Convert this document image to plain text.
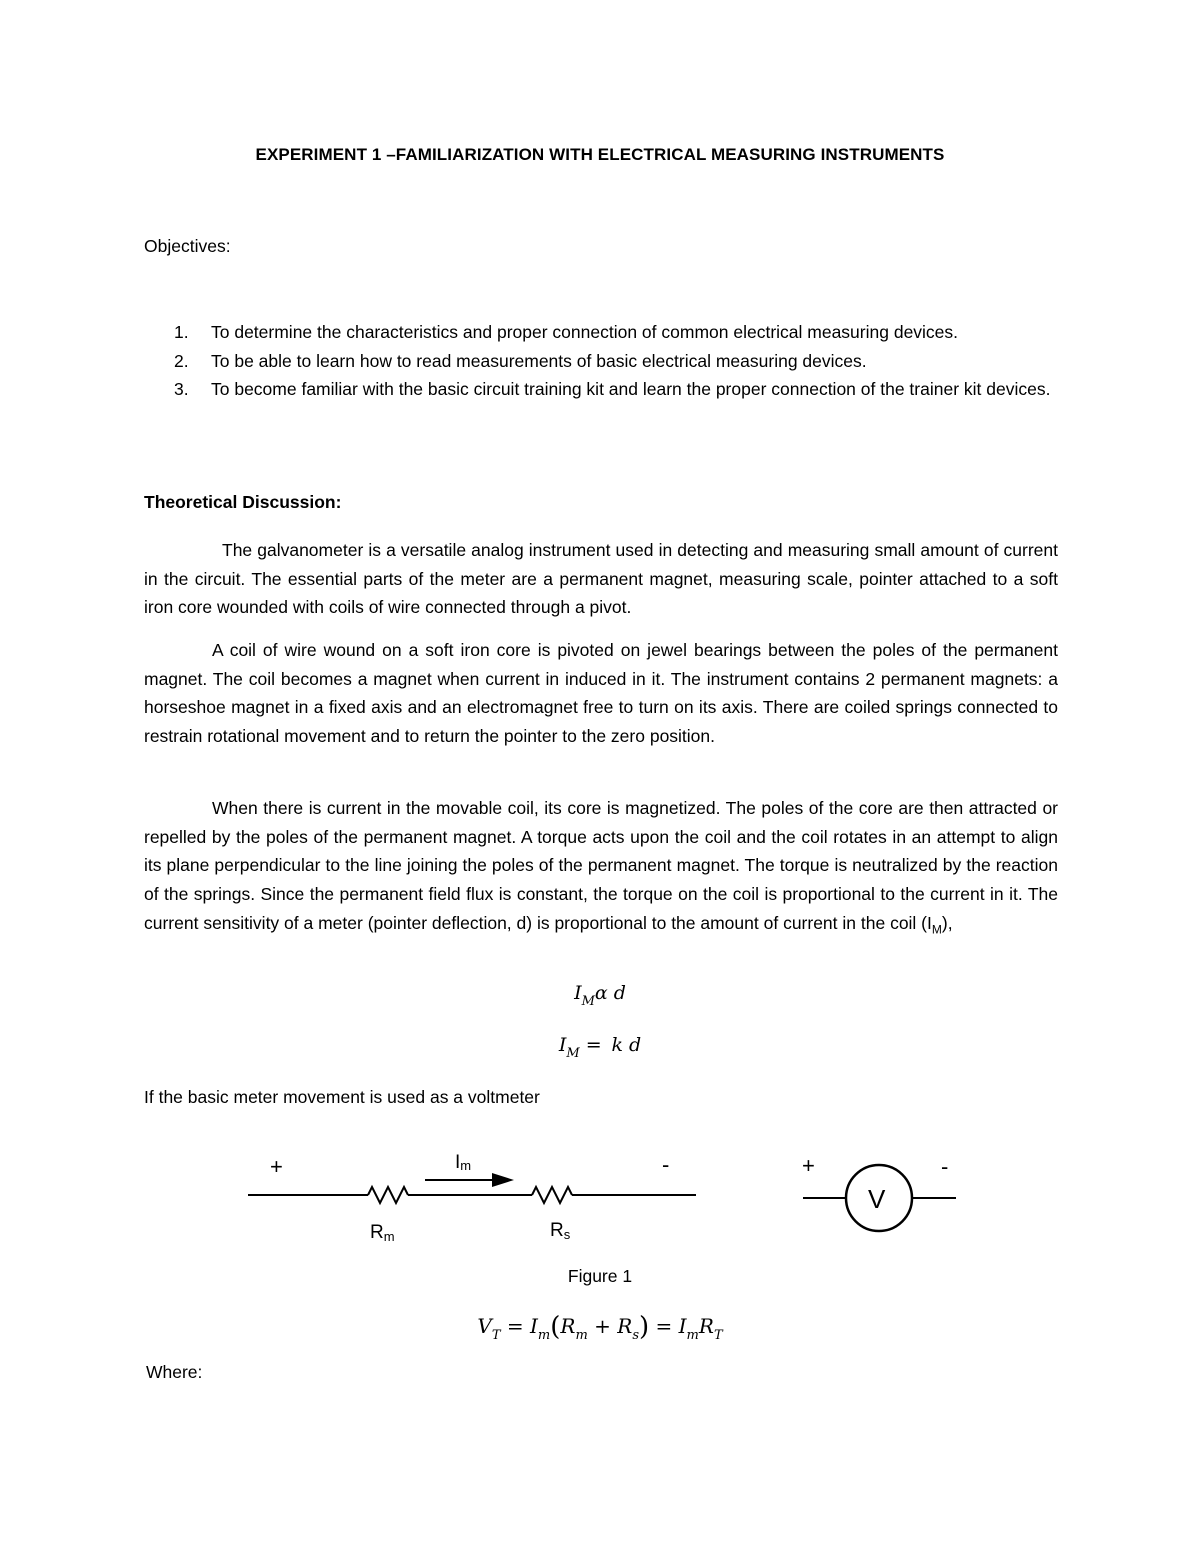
EXPERIMENT 1 –FAMILIARIZATION WITH ELECTRICAL MEASURING INSTRUMENTS
Objectives:
1. To determine the characteristics and proper connection of common electrical measuring devices.
2. To be able to learn how to read measurements of basic electrical measuring devices.
3. To become familiar with the basic circuit training kit and learn the proper connection of the trainer kit devices.
Theoretical Discussion:

The galvanometer is a versatile analog instrument used in detecting and measuring small amount of current in the circuit. The essential parts of the meter are a permanent magnet, measuring scale, pointer attached to a soft iron core wounded with coils of wire connected through a pivot.

A coil of wire wound on a soft iron core is pivoted on jewel bearings between the poles of the permanent magnet. The coil becomes a magnet when current in induced in it. The instrument contains 2 permanent magnets: a horseshoe magnet in a fixed axis and an electromagnet free to turn on its axis. There are coiled springs connected to restrain rotational movement and to return the pointer to the zero position.

When there is current in the movable coil, its core is magnetized. The poles of the core are then attracted or repelled by the poles of the permanent magnet. A torque acts upon the coil and the coil rotates in an attempt to align its plane perpendicular to the line joining the poles of the permanent magnet. The torque is neutralized by the reaction of the springs. Since the permanent field flux is constant, the torque on the coil is proportional to the current in it. The current sensitivity of a meter (pointer deflection, d) is proportional to the amount of current in the coil $(I_M)$,

$I_M\alpha$ d
$I_M = k$ d
If the basic meter movement is used as a voltmeter
+	Im	-
Rm	Rs
V
+	-
Figure 1
$V_T = I_m(R_m + R_s) = I_mR_T$
Where:
